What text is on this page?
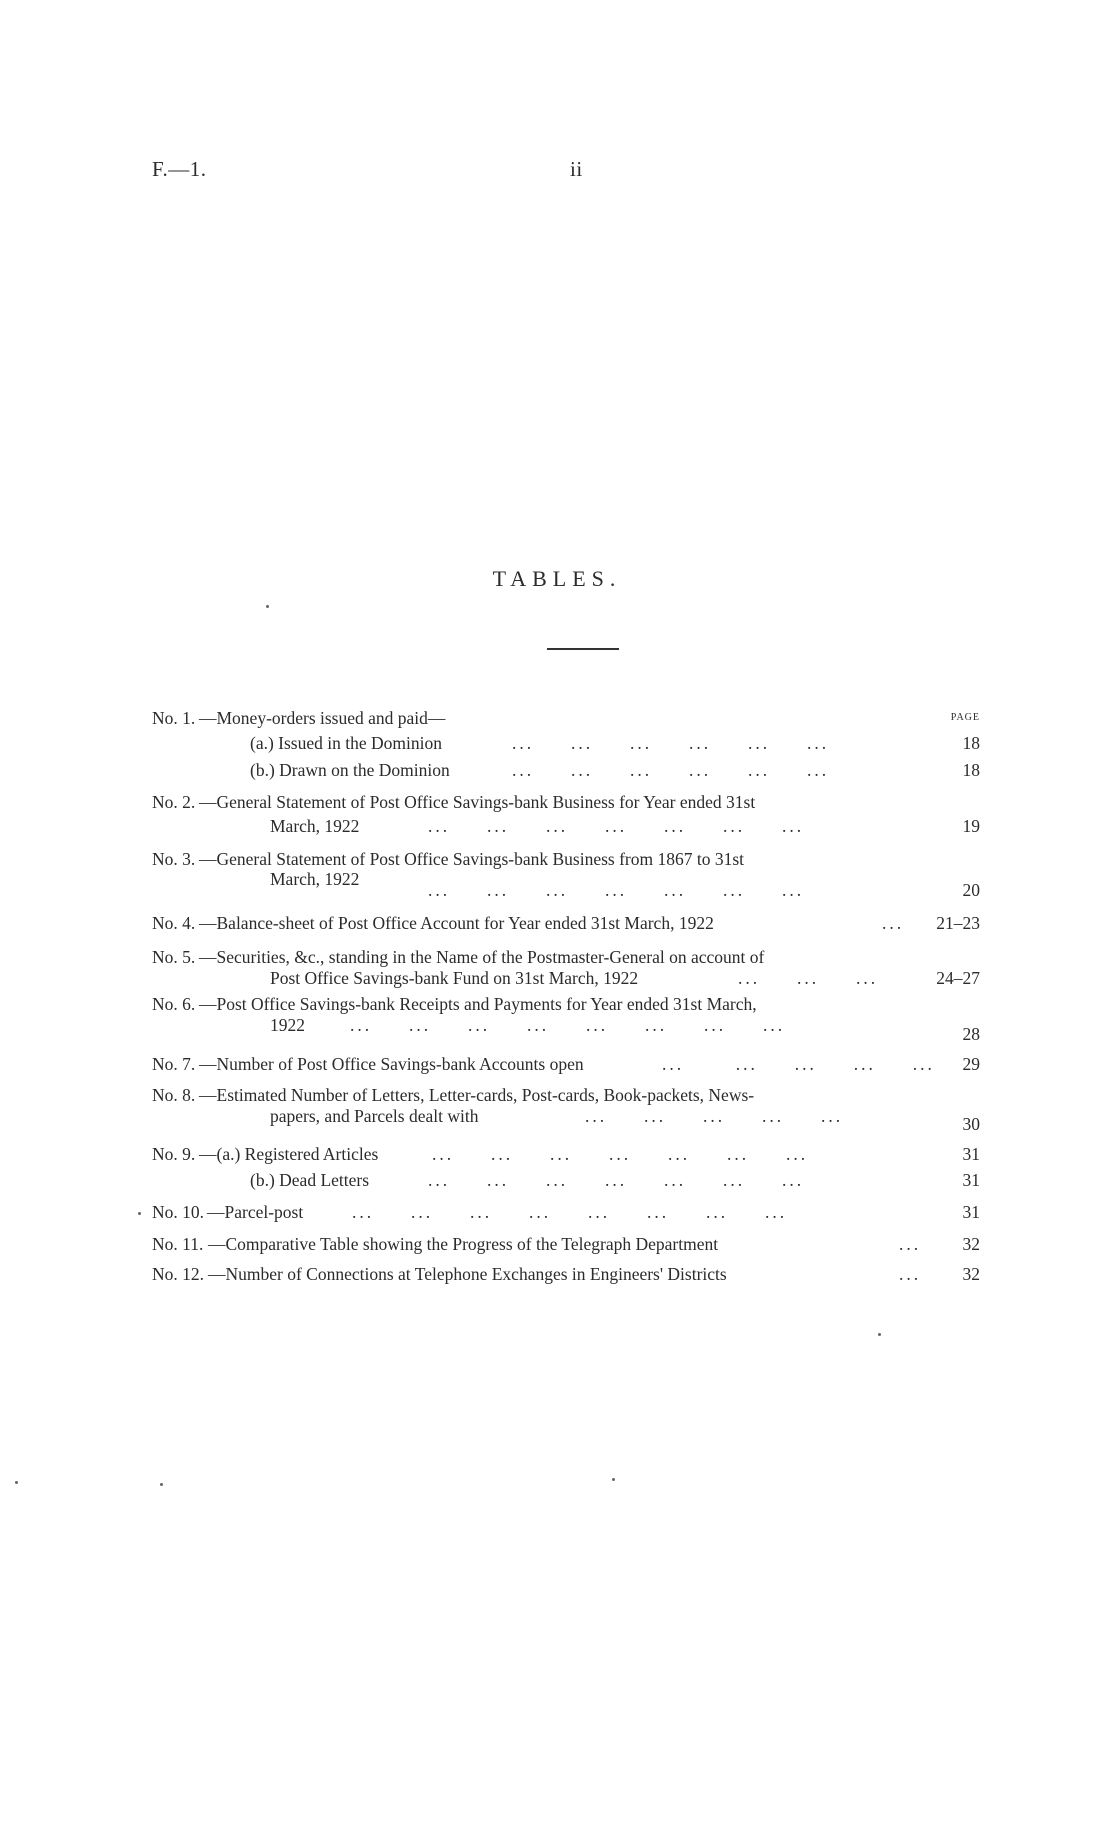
F.—1.	ii
TABLES.
PAGE
No. 1. —Money-orders issued and paid—
(a.) Issued in the Dominion	...     ...     ...     ...     ...     ...	18
(b.) Drawn on the Dominion	...     ...     ...     ...     ...     ...	18
No. 2. —General Statement of Post Office Savings-bank Business for Year ended 31st
March, 1922	...     ...     ...     ...     ...     ...     ...	19
No. 3. —General Statement of Post Office Savings-bank Business from 1867 to 31st
March, 1922
...     ...     ...     ...     ...     ...     ...	20
No. 4. —Balance-sheet of Post Office Account for Year ended 31st March, 1922	... 21–23
No. 5. —Securities, &c., standing in the Name of the Postmaster-General on account of
Post Office Savings-bank Fund on 31st March, 1922	...     ...     ...	24–27
No. 6. —Post Office Savings-bank Receipts and Payments for Year ended 31st March,
1922	...     ...     ...     ...     ...     ...     ...     ...	28
No. 7. —Number of Post Office Savings-bank Accounts open	...       ...     ...     ...     ... 29
No. 8. —Estimated Number of Letters, Letter-cards, Post-cards, Book-packets, News-
papers, and Parcels dealt with	...     ...     ...     ...     ...	30
No. 9. —(a.) Registered Articles	...     ...     ...     ...     ...     ...     ...	31
(b.) Dead Letters	...     ...     ...     ...     ...     ...     ...	31
No. 10. —Parcel-post	...     ...     ...     ...     ...     ...     ...     ...	31
No. 11. —Comparative Table showing the Progress of the Telegraph Department	... 32
No. 12. —Number of Connections at Telephone Exchanges in Engineers' Districts	... 32
